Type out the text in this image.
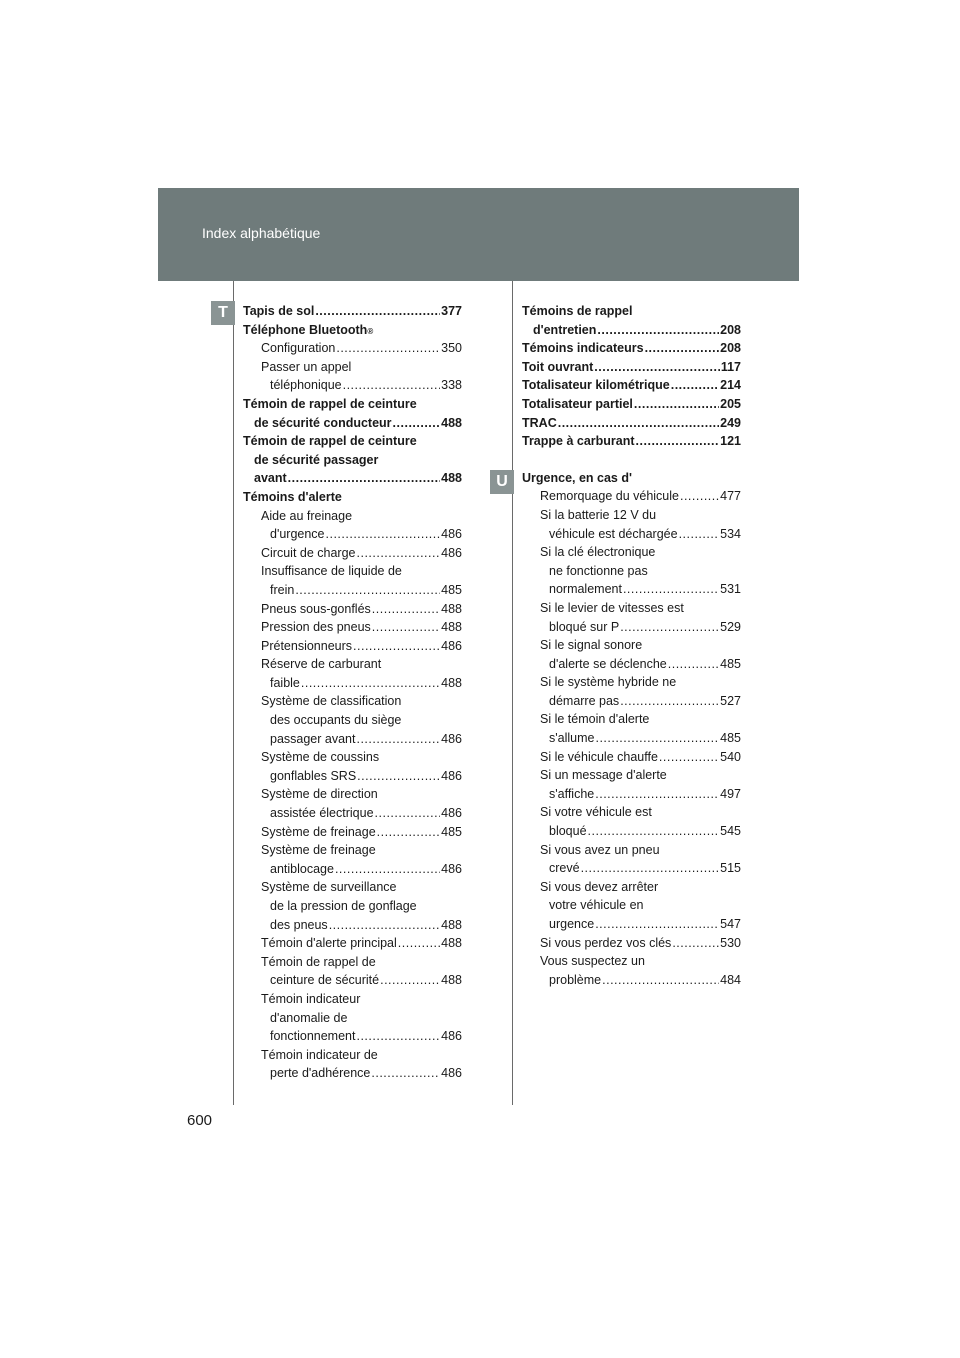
Index alphabétique
T
U
Tapis de sol .....	377
Téléphone Bluetooth ®
Configuration .....	350
Passer un appel
téléphonique .....	338
Témoin de rappel de ceinture
de sécurité conducteur .....	488
Témoin de rappel de ceinture
de sécurité passager
avant .....	488
Témoins d'alerte
Aide au freinage
d'urgence .....	486
Circuit de charge .....	486
Insuffisance de liquide de
frein .....	485
Pneus sous-gonflés .....	488
Pression des pneus .....	488
Prétensionneurs .....	486
Réserve de carburant
faible .....	488
Système de classification
des occupants du siège
passager avant .....	486
Système de coussins
gonflables SRS .....	486
Système de direction
assistée électrique .....	486
Système de freinage .....	485
Système de freinage
antiblocage .....	486
Système de surveillance
de la pression de gonflage
des pneus .....	488
Témoin d'alerte principal .....	488
Témoin de rappel de
ceinture de sécurité .....	488
Témoin indicateur
d'anomalie de
fonctionnement .....	486
Témoin indicateur de
perte d'adhérence .....	486
Témoins de rappel
d'entretien .....	208
Témoins indicateurs .....	208
Toit ouvrant .....	117
Totalisateur kilométrique .....	214
Totalisateur partiel .....	205
TRAC .....	249
Trappe à carburant .....	121
Urgence, en cas d'
Remorquage du véhicule .....	477
Si la batterie 12 V du
véhicule est déchargée .....	534
Si la clé électronique
ne fonctionne pas
normalement .....	531
Si le levier de vitesses est
bloqué sur P .....	529
Si le signal sonore
d'alerte se déclenche .....	485
Si le système hybride ne
démarre pas .....	527
Si le témoin d'alerte
s'allume .....	485
Si le véhicule chauffe .....	540
Si un message d'alerte
s'affiche .....	497
Si votre véhicule est
bloqué .....	545
Si vous avez un pneu
crevé .....	515
Si vous devez arrêter
votre véhicule en
urgence .....	547
Si vous perdez vos clés .....	530
Vous suspectez un
problème .....	484
600
